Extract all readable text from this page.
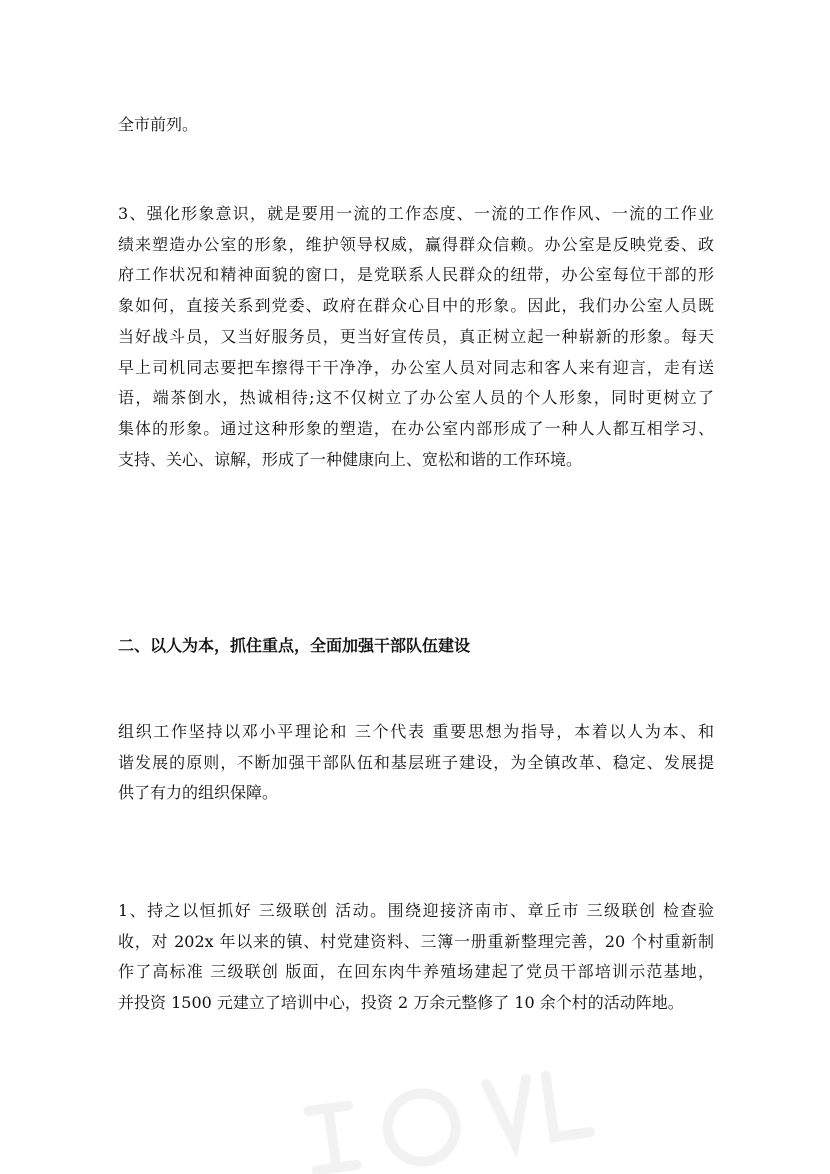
全市前列。

3、强化形象意识，就是要用一流的工作态度、一流的工作作风、一流的工作业
绩来塑造办公室的形象，维护领导权威，赢得群众信赖。办公室是反映党委、政
府工作状况和精神面貌的窗口，是党联系人民群众的纽带，办公室每位干部的形
象如何，直接关系到党委、政府在群众心目中的形象。因此，我们办公室人员既
当好战斗员，又当好服务员，更当好宣传员，真正树立起一种崭新的形象。每天
早上司机同志要把车擦得干干净净，办公室人员对同志和客人来有迎言，走有送
语，端茶倒水，热诚相待;这不仅树立了办公室人员的个人形象，同时更树立了
集体的形象。通过这种形象的塑造，在办公室内部形成了一种人人都互相学习、
支持、关心、谅解，形成了一种健康向上、宽松和谐的工作环境。

二、以人为本，抓住重点，全面加强干部队伍建设

组织工作坚持以邓小平理论和 三个代表 重要思想为指导，本着以人为本、和
谐发展的原则，不断加强干部队伍和基层班子建设，为全镇改革、稳定、发展提
供了有力的组织保障。

1、持之以恒抓好 三级联创 活动。围绕迎接济南市、章丘市 三级联创 检查验
收，对 202x 年以来的镇、村党建资料、三簿一册重新整理完善，20 个村重新制
作了高标准 三级联创 版面，在回东肉牛养殖场建起了党员干部培训示范基地，
并投资 1500 元建立了培训中心，投资 2 万余元整修了 10 余个村的活动阵地。
